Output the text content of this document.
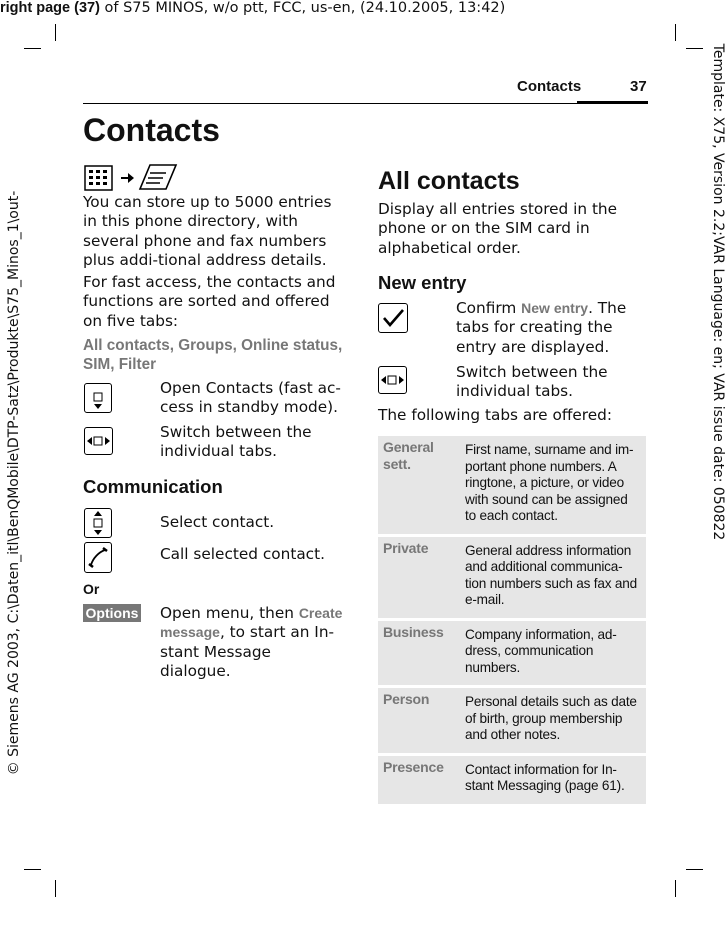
right page (37) of S75 MINOS, w/o ptt, FCC, us-en, (24.10.2005, 13:42)
© Siemens AG 2003, C:\Daten_itl\BenQMobile\DTP-Satz\Produkte\S75_Minos_1\out-	Template: X75, Version 2.2;VAR Language: en; VAR issue date: 050822
Contacts	37
Contacts

You can store up to 5000 entries in this phone directory, with several phone and fax numbers plus addi-tional address details.

For fast access, the contacts and functions are sorted and offered on five tabs:

All contacts, Groups, Online status, SIM, Filter

Open Contacts (fast ac-cess in standby mode).

Switch between the individual tabs.

Communication

Select contact.

Call selected contact.

Or
Options Open menu, then Create message, to start an In-stant Message dialogue.

All contacts

Display all entries stored in the phone or on the SIM card in alphabetical order.

New entry

Confirm New entry. The tabs for creating the entry are displayed.

Switch between the individual tabs.

The following tabs are offered:

General sett.	First name, surname and im-portant phone numbers. A ringtone, a picture, or video with sound can be assigned to each contact.
Private	General address information and additional communica-tion numbers such as fax and e-mail.
Business	Company information, ad-dress, communication numbers.
Person	Personal details such as date of birth, group membership and other notes.
Presence	Contact information for In-stant Messaging (page 61).
